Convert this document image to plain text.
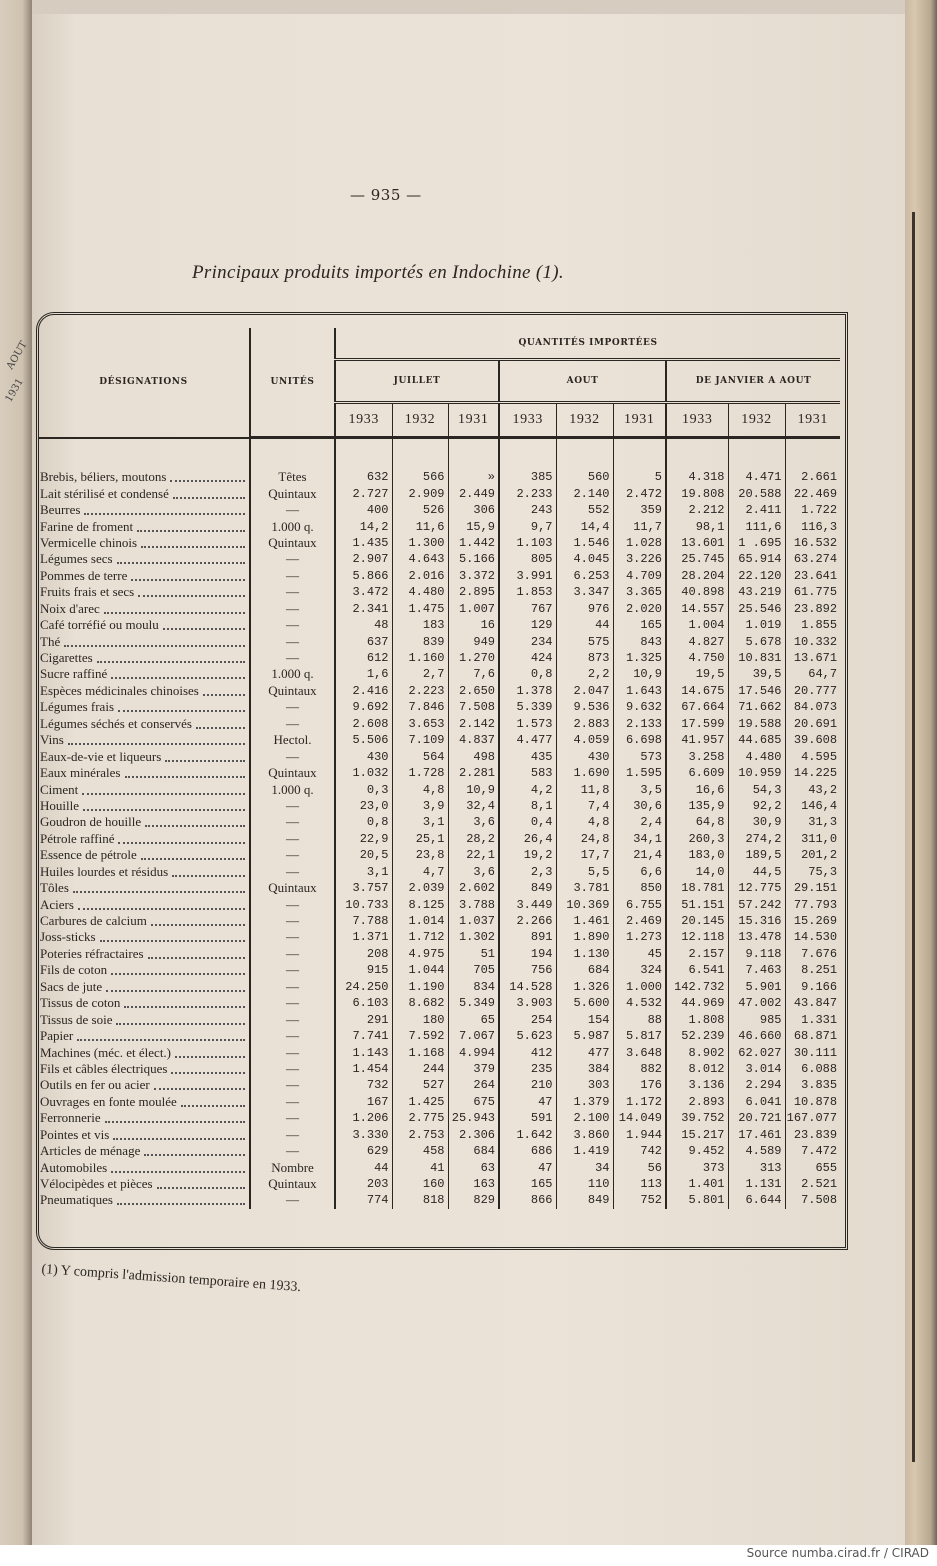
AOUT
1931
— 935 —
Principaux produits importés en Indochine (1).
DÉSIGNATIONS	UNITÉS	QUANTITÉS IMPORTÉES								
		JUILLET			AOUT			DE JANVIER A AOUT		
		1933	1932	1931	1933	1932	1931	1933	1932	1931

Brebis, béliers, moutons	Têtes	632	566	»	385	560	5	4.318	4.471	2.661

Lait stérilisé et condensé	Quintaux	2.727	2.909	2.449	2.233	2.140	2.472	19.808	20.588	22.469

Beurres	—	400	526	306	243	552	359	2.212	2.411	1.722

Farine de froment	1.000 q.	14,2	11,6	15,9	9,7	14,4	11,7	98,1	111,6	116,3

Vermicelle chinois	Quintaux	1.435	1.300	1.442	1.103	1.546	1.028	13.601	1 .695	16.532

Légumes secs	—	2.907	4.643	5.166	805	4.045	3.226	25.745	65.914	63.274

Pommes de terre	—	5.866	2.016	3.372	3.991	6.253	4.709	28.204	22.120	23.641

Fruits frais et secs	—	3.472	4.480	2.895	1.853	3.347	3.365	40.898	43.219	61.775

Noix d'arec	—	2.341	1.475	1.007	767	976	2.020	14.557	25.546	23.892

Café torréfié ou moulu	—	48	183	16	129	44	165	1.004	1.019	1.855

Thé	—	637	839	949	234	575	843	4.827	5.678	10.332

Cigarettes	—	612	1.160	1.270	424	873	1.325	4.750	10.831	13.671

Sucre raffiné	1.000 q.	1,6	2,7	7,6	0,8	2,2	10,9	19,5	39,5	64,7

Espèces médicinales chinoises	Quintaux	2.416	2.223	2.650	1.378	2.047	1.643	14.675	17.546	20.777

Légumes frais	—	9.692	7.846	7.508	5.339	9.536	9.632	67.664	71.662	84.073

Légumes séchés et conservés	—	2.608	3.653	2.142	1.573	2.883	2.133	17.599	19.588	20.691

Vins	Hectol.	5.506	7.109	4.837	4.477	4.059	6.698	41.957	44.685	39.608

Eaux-de-vie et liqueurs	—	430	564	498	435	430	573	3.258	4.480	4.595

Eaux minérales	Quintaux	1.032	1.728	2.281	583	1.690	1.595	6.609	10.959	14.225

Ciment	1.000 q.	0,3	4,8	10,9	4,2	11,8	3,5	16,6	54,3	43,2

Houille	—	23,0	3,9	32,4	8,1	7,4	30,6	135,9	92,2	146,4

Goudron de houille	—	0,8	3,1	3,6	0,4	4,8	2,4	64,8	30,9	31,3

Pétrole raffiné	—	22,9	25,1	28,2	26,4	24,8	34,1	260,3	274,2	311,0

Essence de pétrole	—	20,5	23,8	22,1	19,2	17,7	21,4	183,0	189,5	201,2

Huiles lourdes et résidus	—	3,1	4,7	3,6	2,3	5,5	6,6	14,0	44,5	75,3

Tôles	Quintaux	3.757	2.039	2.602	849	3.781	850	18.781	12.775	29.151

Aciers	—	10.733	8.125	3.788	3.449	10.369	6.755	51.151	57.242	77.793

Carbures de calcium	—	7.788	1.014	1.037	2.266	1.461	2.469	20.145	15.316	15.269

Joss-sticks	—	1.371	1.712	1.302	891	1.890	1.273	12.118	13.478	14.530

Poteries réfractaires	—	208	4.975	51	194	1.130	45	2.157	9.118	7.676

Fils de coton	—	915	1.044	705	756	684	324	6.541	7.463	8.251

Sacs de jute	—	24.250	1.190	834	14.528	1.326	1.000	142.732	5.901	9.166

Tissus de coton	—	6.103	8.682	5.349	3.903	5.600	4.532	44.969	47.002	43.847

Tissus de soie	—	291	180	65	254	154	88	1.808	985	1.331

Papier	—	7.741	7.592	7.067	5.623	5.987	5.817	52.239	46.660	68.871

Machines (méc. et élect.)	—	1.143	1.168	4.994	412	477	3.648	8.902	62.027	30.111

Fils et câbles électriques	—	1.454	244	379	235	384	882	8.012	3.014	6.088

Outils en fer ou acier	—	732	527	264	210	303	176	3.136	2.294	3.835

Ouvrages en fonte moulée	—	167	1.425	675	47	1.379	1.172	2.893	6.041	10.878

Ferronnerie	—	1.206	2.775	25.943	591	2.100	14.049	39.752	20.721	167.077

Pointes et vis	—	3.330	2.753	2.306	1.642	3.860	1.944	15.217	17.461	23.839

Articles de ménage	—	629	458	684	686	1.419	742	9.452	4.589	7.472

Automobiles	Nombre	44	41	63	47	34	56	373	313	655

Vélocipèdes et pièces	Quintaux	203	160	163	165	110	113	1.401	1.131	2.521

Pneumatiques	—	774	818	829	866	849	752	5.801	6.644	7.508
(1) Y compris l'admission temporaire en 1933.
Source numba.cirad.fr / CIRAD
